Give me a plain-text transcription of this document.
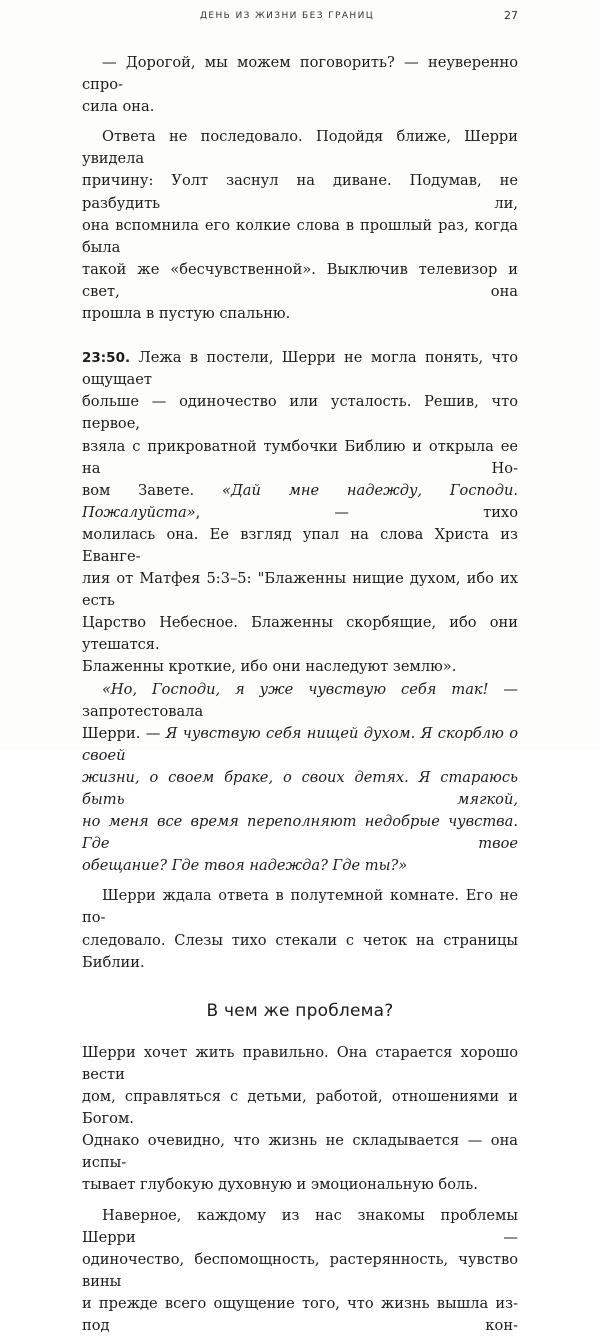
ДЕНЬ ИЗ ЖИЗНИ БЕЗ ГРАНИЦ	27
— Дорогой, мы можем поговорить? — неуверенно спро-
сила она.
Ответа не последовало. Подойдя ближе, Шерри увидела
причину: Уолт заснул на диване. Подумав, не разбудить ли,
она вспомнила его колкие слова в прошлый раз, когда была
такой же «бесчувственной». Выключив телевизор и свет, она
прошла в пустую спальню.
23:50. Лежа в постели, Шерри не могла понять, что ощущает
больше — одиночество или усталость. Решив, что первое,
взяла с прикроватной тумбочки Библию и открыла ее на Но-
вом Завете. «Дай мне надежду, Господи. Пожалуйста», — тихо
молилась она. Ее взгляд упал на слова Христа из Еванге-
лия от Матфея 5:3–5: "Блаженны нищие духом, ибо их есть
Царство Небесное. Блаженны скорбящие, ибо они утешатся.
Блаженны кроткие, ибо они наследуют землю».
«Но, Господи, я уже чувствую себя так! — запротестовала
Шерри. — Я чувствую себя нищей духом. Я скорблю о своей
жизни, о своем браке, о своих детях. Я стараюсь быть мягкой,
но меня все время переполняют недобрые чувства. Где твое
обещание? Где твоя надежда? Где ты?»
Шерри ждала ответа в полутемной комнате. Его не по-
следовало. Слезы тихо стекали с четок на страницы Библии.
В чем же проблема?
Шерри хочет жить правильно. Она старается хорошо вести
дом, справляться с детьми, работой, отношениями и Богом.
Однако очевидно, что жизнь не складывается — она испы-
тывает глубокую духовную и эмоциональную боль.
Наверное, каждому из нас знакомы проблемы Шерри —
одиночество, беспомощность, растерянность, чувство вины
и прежде всего ощущение того, что жизнь вышла из-под кон-
